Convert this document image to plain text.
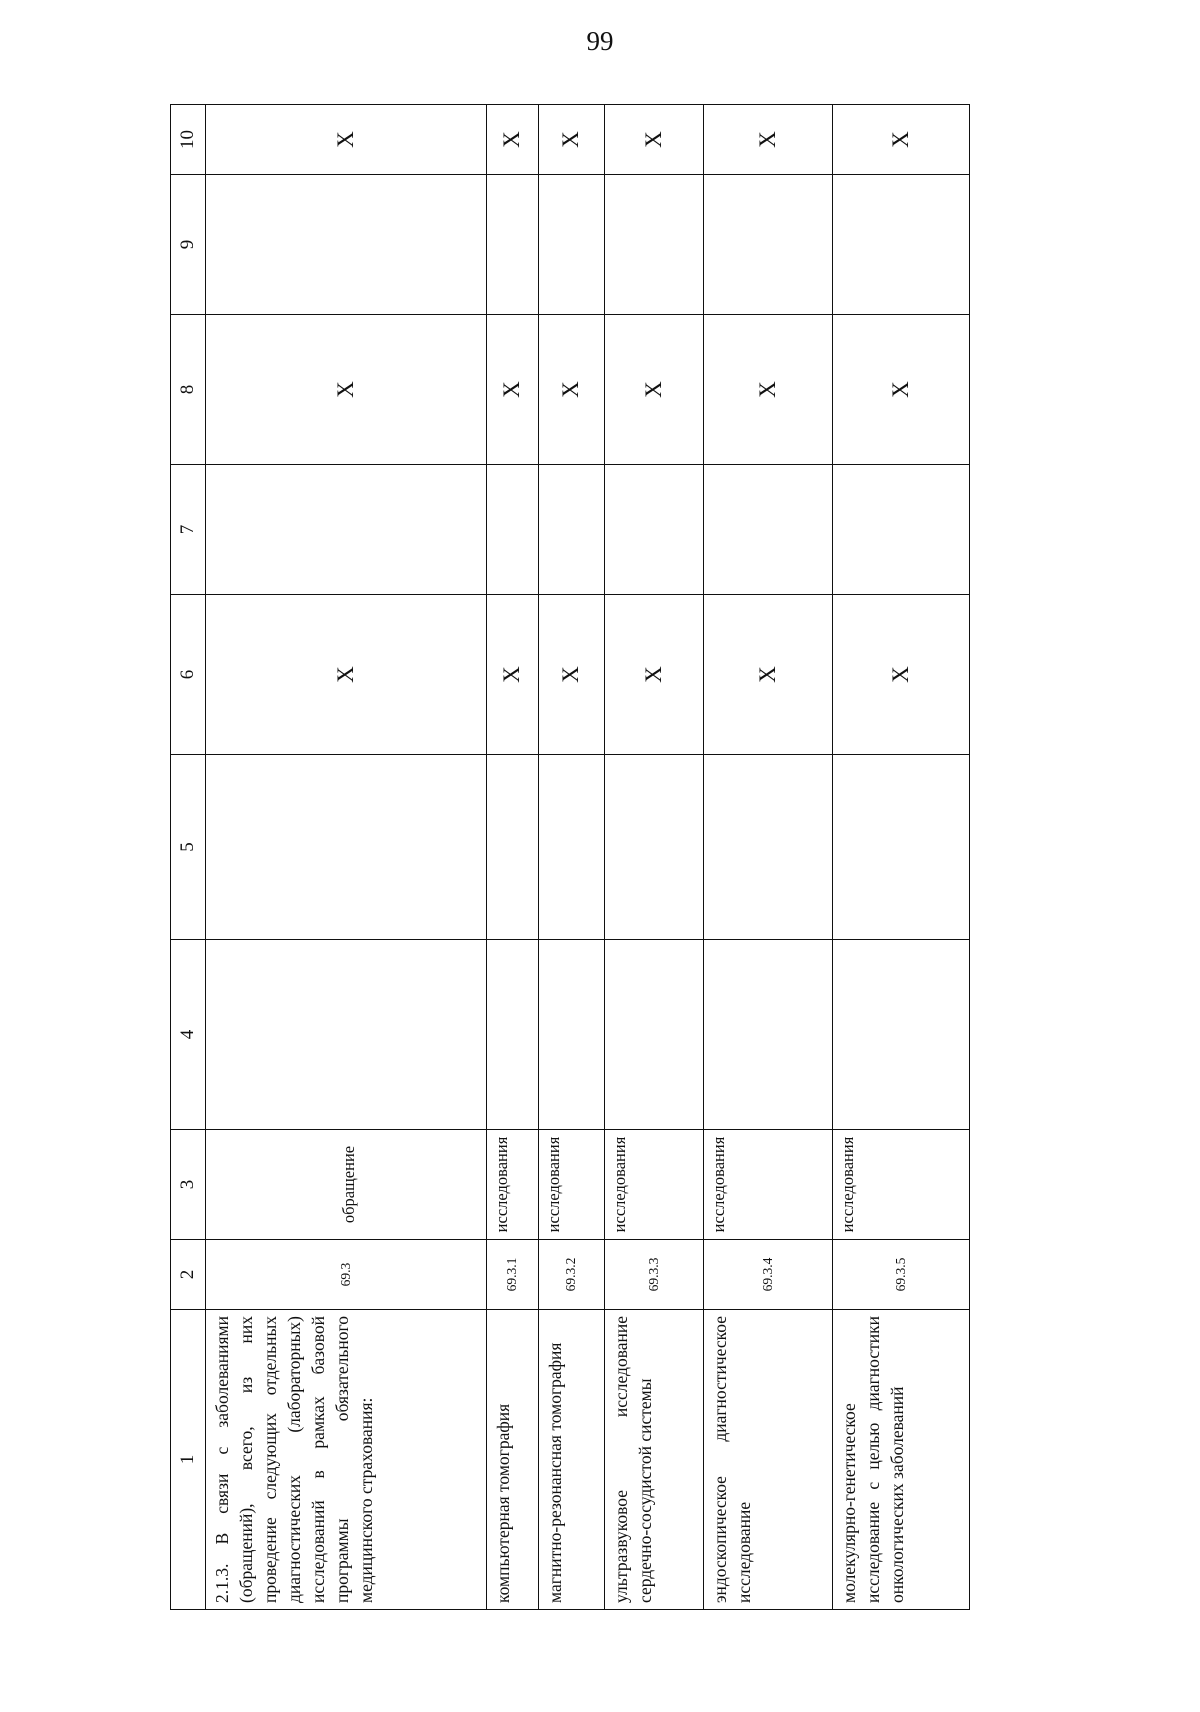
99
1	2	3	4	5	6	7	8	9	10
2.1.3. В связи с заболеваниями (обращений), всего, из них проведение следующих отдельных диагностических (лабораторных) исследований в рамках базовой программы обязательного медицинского страхования:	69.3	обращение			X		X		X
компьютерная томография	69.3.1	исследования			X		X		X
магнитно-резонансная томография	69.3.2	исследования			X		X		X
ультразвуковое исследование сердечно-сосудистой системы	69.3.3	исследования			X		X		X
эндоскопическое диагностическое исследование	69.3.4	исследования			X		X		X
молекулярно-генетическое исследование с целью диагностики онкологических заболеваний	69.3.5	исследования			X		X		X
